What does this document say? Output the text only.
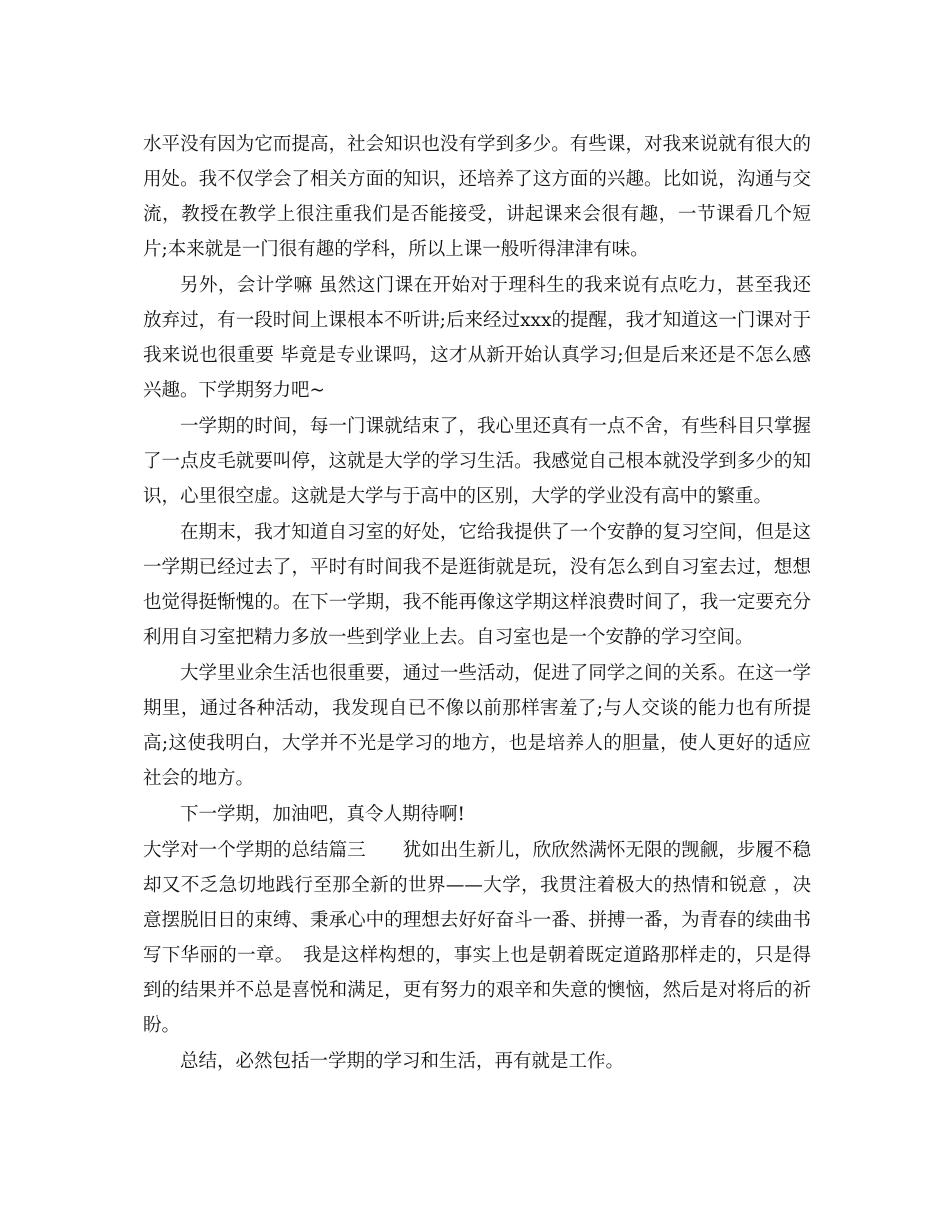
水平没有因为它而提高，社会知识也没有学到多少。有些课，对我来说就有很大的用处。我不仅学会了相关方面的知识，还培养了这方面的兴趣。比如说，沟通与交流，教授在教学上很注重我们是否能接受，讲起课来会很有趣，一节课看几个短片;本来就是一门很有趣的学科，所以上课一般听得津津有味。

另外，会计学嘛 虽然这门课在开始对于理科生的我来说有点吃力，甚至我还放弃过，有一段时间上课根本不听讲;后来经过xxx的提醒，我才知道这一门课对于我来说也很重要 毕竟是专业课吗，这才从新开始认真学习;但是后来还是不怎么感兴趣。下学期努力吧~

一学期的时间，每一门课就结束了，我心里还真有一点不舍，有些科目只掌握了一点皮毛就要叫停，这就是大学的学习生活。我感觉自己根本就没学到多少的知识，心里很空虚。这就是大学与于高中的区别，大学的学业没有高中的繁重。

在期末，我才知道自习室的好处，它给我提供了一个安静的复习空间，但是这一学期已经过去了，平时有时间我不是逛街就是玩，没有怎么到自习室去过，想想也觉得挺惭愧的。在下一学期，我不能再像这学期这样浪费时间了，我一定要充分利用自习室把精力多放一些到学业上去。自习室也是一个安静的学习空间。

大学里业余生活也很重要，通过一些活动，促进了同学之间的关系。在这一学期里，通过各种活动，我发现自已不像以前那样害羞了;与人交谈的能力也有所提高;这使我明白，大学并不光是学习的地方，也是培养人的胆量，使人更好的适应社会的地方。

下一学期，加油吧，真令人期待啊!

大学对一个学期的总结篇三　　犹如出生新儿，欣欣然满怀无限的觊觎，步履不稳却又不乏急切地践行至那全新的世界——大学，我贯注着极大的热情和锐意 ，决意摆脱旧日的束缚、秉承心中的理想去好好奋斗一番、拼搏一番，为青春的续曲书写下华丽的一章。　我是这样构想的，事实上也是朝着既定道路那样走的，只是得到的结果并不总是喜悦和满足，更有努力的艰辛和失意的懊恼，然后是对将后的祈盼。

总结，必然包括一学期的学习和生活，再有就是工作。
